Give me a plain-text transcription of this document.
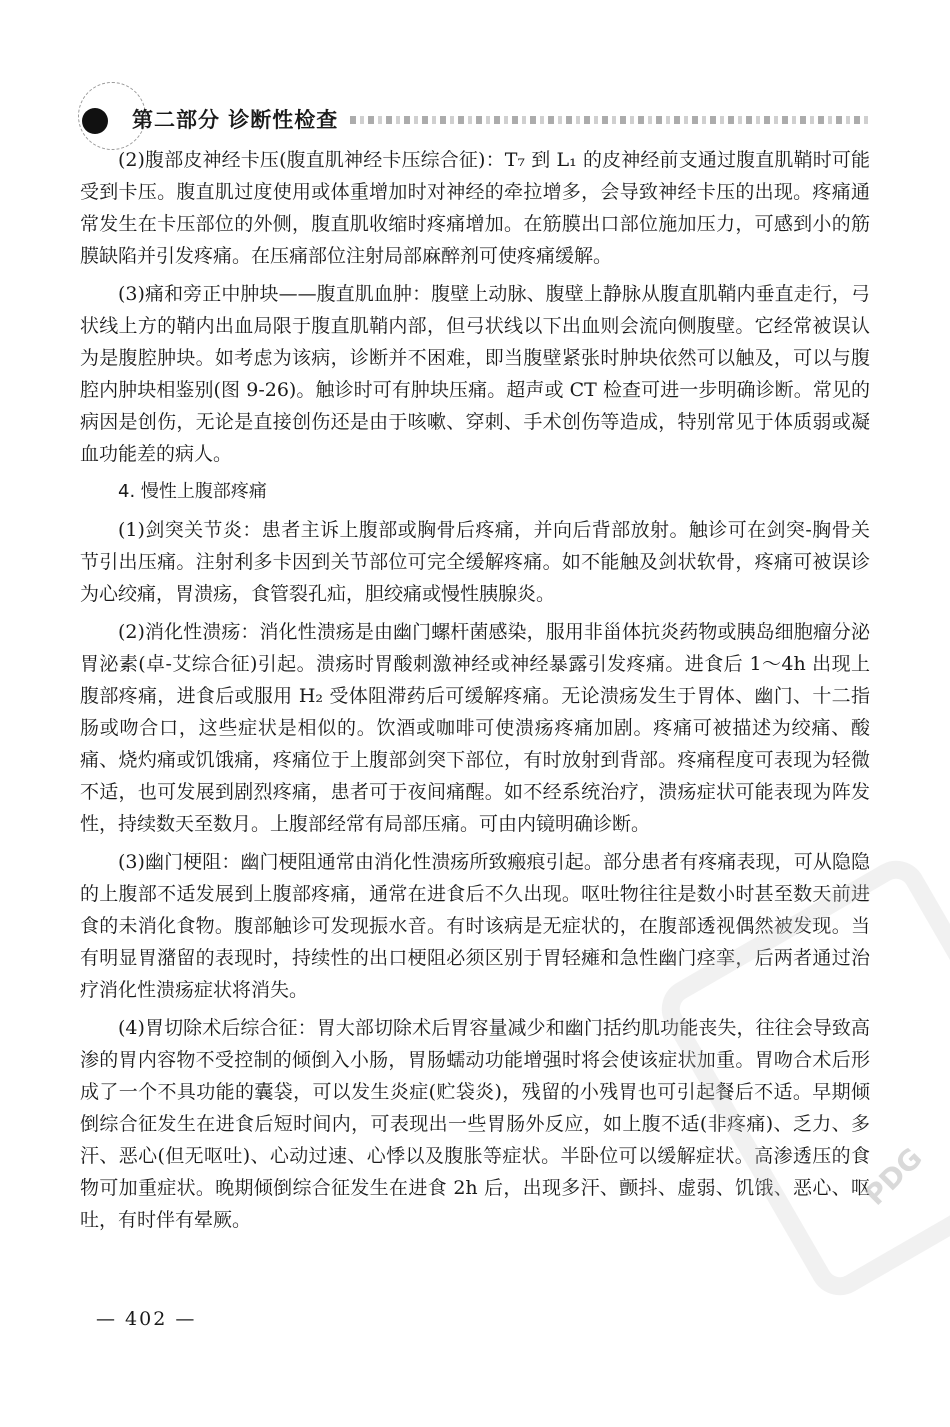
第二部分 诊断性检查

(2)腹部皮神经卡压(腹直肌神经卡压综合征)：T₇ 到 L₁ 的皮神经前支通过腹直肌鞘时可能受到卡压。腹直肌过度使用或体重增加时对神经的牵拉增多，会导致神经卡压的出现。疼痛通常发生在卡压部位的外侧，腹直肌收缩时疼痛增加。在筋膜出口部位施加压力，可感到小的筋膜缺陷并引发疼痛。在压痛部位注射局部麻醉剂可使疼痛缓解。

(3)痛和旁正中肿块——腹直肌血肿：腹壁上动脉、腹壁上静脉从腹直肌鞘内垂直走行，弓状线上方的鞘内出血局限于腹直肌鞘内部，但弓状线以下出血则会流向侧腹壁。它经常被误认为是腹腔肿块。如考虑为该病，诊断并不困难，即当腹壁紧张时肿块依然可以触及，可以与腹腔内肿块相鉴别(图 9-26)。触诊时可有肿块压痛。超声或 CT 检查可进一步明确诊断。常见的病因是创伤，无论是直接创伤还是由于咳嗽、穿刺、手术创伤等造成，特别常见于体质弱或凝血功能差的病人。

4. 慢性上腹部疼痛

(1)剑突关节炎：患者主诉上腹部或胸骨后疼痛，并向后背部放射。触诊可在剑突-胸骨关节引出压痛。注射利多卡因到关节部位可完全缓解疼痛。如不能触及剑状软骨，疼痛可被误诊为心绞痛，胃溃疡，食管裂孔疝，胆绞痛或慢性胰腺炎。

(2)消化性溃疡：消化性溃疡是由幽门螺杆菌感染，服用非甾体抗炎药物或胰岛细胞瘤分泌胃泌素(卓-艾综合征)引起。溃疡时胃酸刺激神经或神经暴露引发疼痛。进食后 1～4h 出现上腹部疼痛，进食后或服用 H₂ 受体阻滞药后可缓解疼痛。无论溃疡发生于胃体、幽门、十二指肠或吻合口，这些症状是相似的。饮酒或咖啡可使溃疡疼痛加剧。疼痛可被描述为绞痛、酸痛、烧灼痛或饥饿痛，疼痛位于上腹部剑突下部位，有时放射到背部。疼痛程度可表现为轻微不适，也可发展到剧烈疼痛，患者可于夜间痛醒。如不经系统治疗，溃疡症状可能表现为阵发性，持续数天至数月。上腹部经常有局部压痛。可由内镜明确诊断。

(3)幽门梗阻：幽门梗阻通常由消化性溃疡所致瘢痕引起。部分患者有疼痛表现，可从隐隐的上腹部不适发展到上腹部疼痛，通常在进食后不久出现。呕吐物往往是数小时甚至数天前进食的未消化食物。腹部触诊可发现振水音。有时该病是无症状的，在腹部透视偶然被发现。当有明显胃潴留的表现时，持续性的出口梗阻必须区别于胃轻瘫和急性幽门痉挛，后两者通过治疗消化性溃疡症状将消失。

(4)胃切除术后综合征：胃大部切除术后胃容量减少和幽门括约肌功能丧失，往往会导致高渗的胃内容物不受控制的倾倒入小肠，胃肠蠕动功能增强时将会使该症状加重。胃吻合术后形成了一个不具功能的囊袋，可以发生炎症(贮袋炎)，残留的小残胃也可引起餐后不适。早期倾倒综合征发生在进食后短时间内，可表现出一些胃肠外反应，如上腹不适(非疼痛)、乏力、多汗、恶心(但无呕吐)、心动过速、心悸以及腹胀等症状。半卧位可以缓解症状。高渗透压的食物可加重症状。晚期倾倒综合征发生在进食 2h 后，出现多汗、颤抖、虚弱、饥饿、恶心、呕吐，有时伴有晕厥。

— 402 —
PDG
